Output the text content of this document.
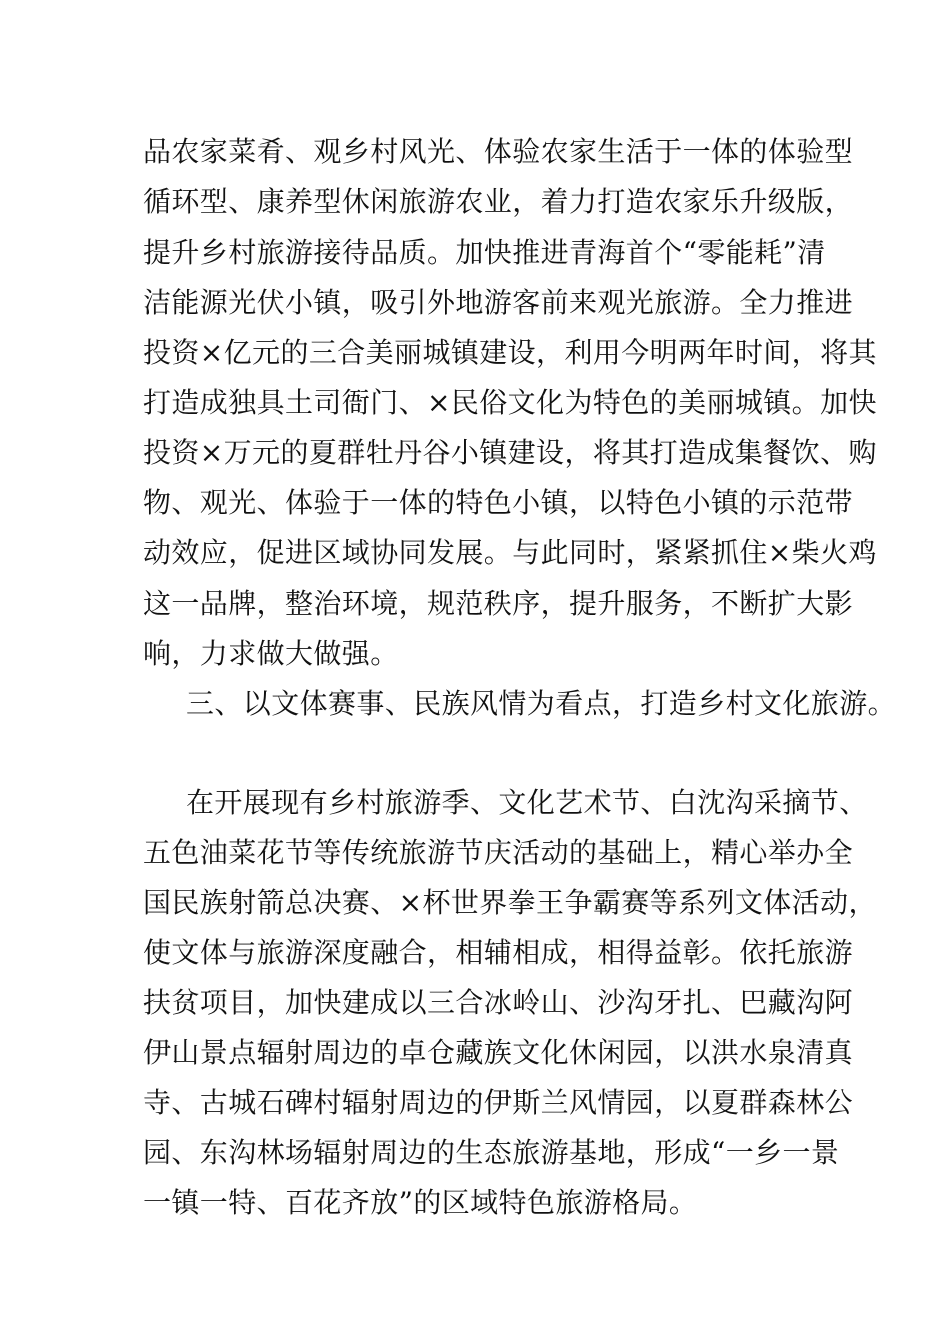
品农家菜肴、观乡村风光、体验农家生活于一体的体验型
循环型、康养型休闲旅游农业，着力打造农家乐升级版，
提升乡村旅游接待品质。加快推进青海首个“零能耗”清
洁能源光伏小镇，吸引外地游客前来观光旅游。全力推进
投资×亿元的三合美丽城镇建设，利用今明两年时间，将其
打造成独具土司衙门、×民俗文化为特色的美丽城镇。加快
投资×万元的夏群牡丹谷小镇建设，将其打造成集餐饮、购
物、观光、体验于一体的特色小镇，以特色小镇的示范带
动效应，促进区域协同发展。与此同时，紧紧抓住×柴火鸡
这一品牌，整治环境，规范秩序，提升服务，不断扩大影
响，力求做大做强。
三、以文体赛事、民族风情为看点，打造乡村文化旅游。
在开展现有乡村旅游季、文化艺术节、白沈沟采摘节、
五色油菜花节等传统旅游节庆活动的基础上，精心举办全
国民族射箭总决赛、×杯世界拳王争霸赛等系列文体活动，
使文体与旅游深度融合，相辅相成，相得益彰。依托旅游
扶贫项目，加快建成以三合冰岭山、沙沟牙扎、巴藏沟阿
伊山景点辐射周边的卓仓藏族文化休闲园，以洪水泉清真
寺、古城石碑村辐射周边的伊斯兰风情园，以夏群森林公
园、东沟林场辐射周边的生态旅游基地，形成“一乡一景
一镇一特、百花齐放”的区域特色旅游格局。
